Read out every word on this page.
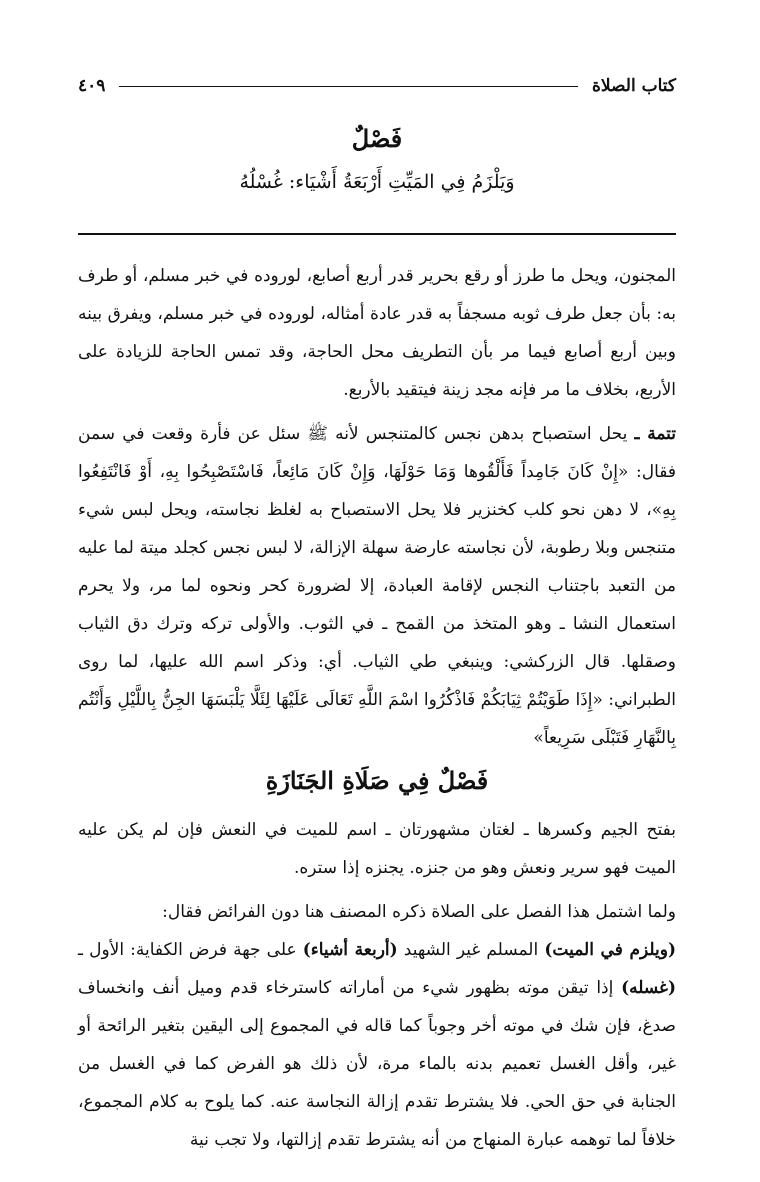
كتاب الصلاة
٤٠٩
فَصْلٌ
وَيَلْزَمُ فِي المَيِّتِ أَرْبَعَةُ أَشْيَاء: غُسْلُهُ

المجنون، ويحل ما طرز أو رقع بحرير قدر أربع أصابع، لوروده في خبر مسلم، أو طرف به: بأن جعل طرف ثوبه مسجفاً به قدر عادة أمثاله، لوروده في خبر مسلم، ويفرق بينه وبين أربع أصابع فيما مر بأن التطريف محل الحاجة، وقد تمس الحاجة للزيادة على الأربع، بخلاف ما مر فإنه مجد زينة فيتقيد بالأربع.

تتمة ـ يحل استصباح بدهن نجس كالمتنجس لأنه ﷺ سئل عن فأرة وقعت في سمن فقال: «إِنْ كَانَ جَامِداً فَأَلْقُوها وَمَا حَوْلَهَا، وَإِنْ كَانَ مَائِعاً، فَاسْتَصْبِحُوا بِهِ، أَوْ فَانْتَفِعُوا بِهِ»، لا دهن نحو كلب كخنزير فلا يحل الاستصباح به لغلظ نجاسته، ويحل لبس شيء متنجس وبلا رطوبة، لأن نجاسته عارضة سهلة الإزالة، لا لبس نجس كجلد ميتة لما عليه من التعبد باجتناب النجس لإقامة العبادة، إلا لضرورة كحر ونحوه لما مر، ولا يحرم استعمال النشا ـ وهو المتخذ من القمح ـ في الثوب. والأولى تركه وترك دق الثياب وصقلها. قال الزركشي: وينبغي طي الثياب. أي: وذكر اسم الله عليها، لما روى الطبراني: «إِذَا طَوَيْتُمْ ثِيَابَكُمْ فَاذْكُرُوا اسْمَ اللَّهِ تَعَالَى عَلَيْهَا لِئَلَّا يَلْبَسَهَا الجِنُّ بِاللَّيْلِ وَأَنْتُم بِالنَّهَارِ فَتَبْلَى سَرِيعاً»

فَصْلٌ فِي صَلَاةِ الجَنَازَةِ

بفتح الجيم وكسرها ـ لغتان مشهورتان ـ اسم للميت في النعش فإن لم يكن عليه الميت فهو سرير ونعش وهو من جنزه. يجنزه إذا ستره.

ولما اشتمل هذا الفصل على الصلاة ذكره المصنف هنا دون الفرائض فقال:
(ويلزم في الميت) المسلم غير الشهيد (أربعة أشياء) على جهة فرض الكفاية: الأول ـ (غسله) إذا تيقن موته بظهور شيء من أماراته كاسترخاء قدم وميل أنف وانخساف صدغ، فإن شك في موته أخر وجوباً كما قاله في المجموع إلى اليقين بتغير الرائحة أو غير، وأقل الغسل تعميم بدنه بالماء مرة، لأن ذلك هو الفرض كما في الغسل من الجنابة في حق الحي. فلا يشترط تقدم إزالة النجاسة عنه. كما يلوح به كلام المجموع، خلافاً لما توهمه عبارة المنهاج من أنه يشترط تقدم إزالتها، ولا تجب نية
